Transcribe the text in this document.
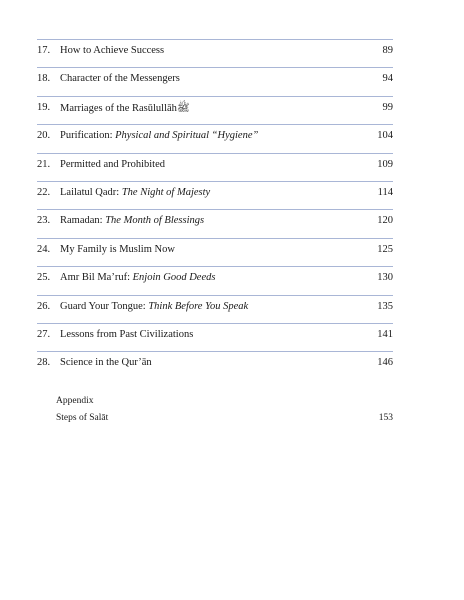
17. How to Achieve Success	89
18. Character of the Messengers	94
19. Marriages of the Rasūlullāhﷺ	99
20. Purification: Physical and Spiritual “Hygiene”	104
21. Permitted and Prohibited	109
22. Lailatul Qadr: The Night of Majesty	114
23. Ramadan: The Month of Blessings	120
24. My Family is Muslim Now	125
25. Amr Bil Ma’ruf: Enjoin Good Deeds	130
26. Guard Your Tongue: Think Before You Speak	135
27. Lessons from Past Civilizations	141
28. Science in the Qur’ān	146
Appendix
Steps of Salāt	153
